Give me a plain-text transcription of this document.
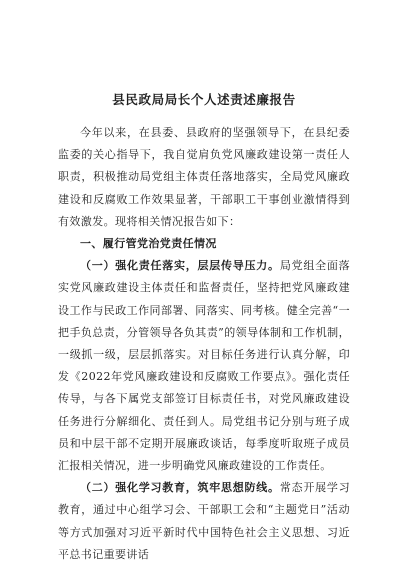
县民政局局长个人述责述廉报告

今年以来，在县委、县政府的坚强领导下，在县纪委监委的关心指导下，我自觉肩负党风廉政建设第一责任人职责，积极推动局党组主体责任落地落实，全局党风廉政建设和反腐败工作效果显著，干部职工干事创业激情得到有效激发。现将相关情况报告如下：

一、履行管党治党责任情况

（一）强化责任落实，层层传导压力。局党组全面落实党风廉政建设主体责任和监督责任，坚持把党风廉政建设工作与民政工作同部署、同落实、同考核。健全完善“一把手负总责，分管领导各负其责”的领导体制和工作机制，一级抓一级，层层抓落实。对目标任务进行认真分解，印发《2022年党风廉政建设和反腐败工作要点》。强化责任传导，与各下属党支部签订目标责任书，对党风廉政建设任务进行分解细化、责任到人。局党组书记分别与班子成员和中层干部不定期开展廉政谈话，每季度听取班子成员汇报相关情况，进一步明确党风廉政建设的工作责任。

（二）强化学习教育，筑牢思想防线。常态开展学习教育，通过中心组学习会、干部职工会和“主题党日”活动等方式加强对习近平新时代中国特色社会主义思想、习近平总书记重要讲话
